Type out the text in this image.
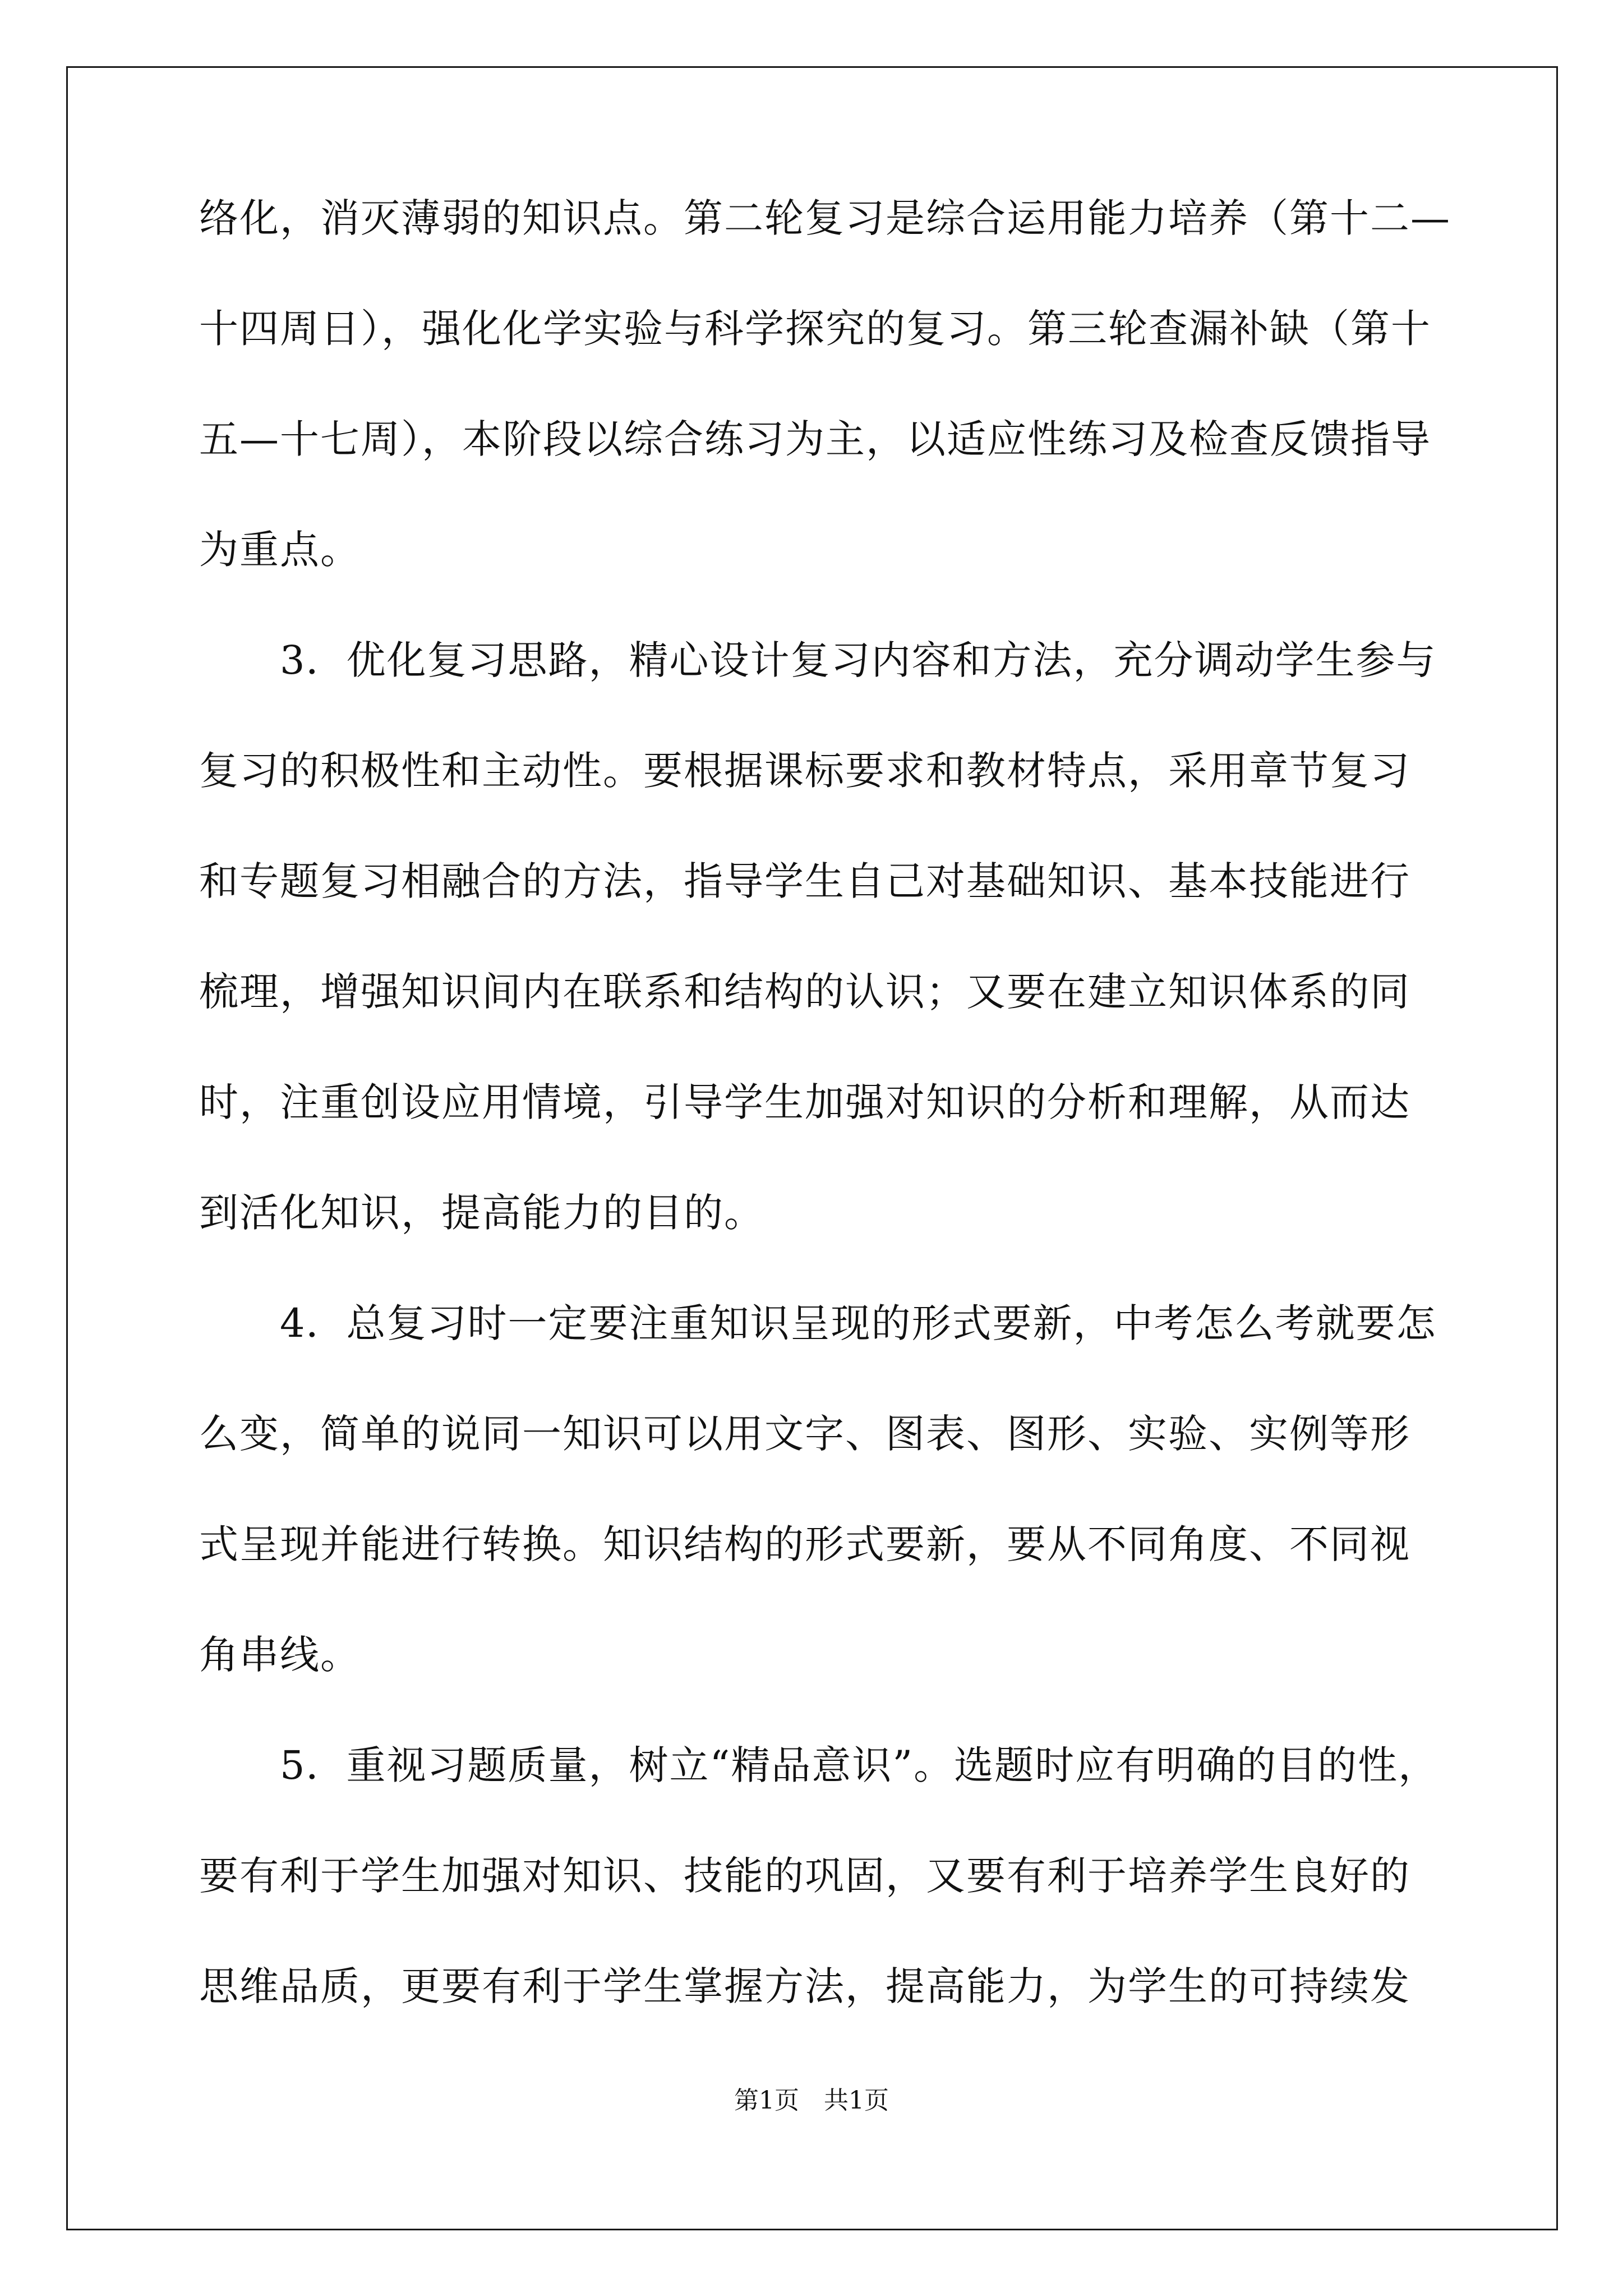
络化，消灭薄弱的知识点。第二轮复习是综合运用能力培养（第十二—
十四周日），强化化学实验与科学探究的复习。第三轮查漏补缺（第十
五—十七周），本阶段以综合练习为主，以适应性练习及检查反馈指导
为重点。
　　3．优化复习思路，精心设计复习内容和方法，充分调动学生参与
复习的积极性和主动性。要根据课标要求和教材特点，采用章节复习
和专题复习相融合的方法，指导学生自己对基础知识、基本技能进行
梳理，增强知识间内在联系和结构的认识；又要在建立知识体系的同
时，注重创设应用情境，引导学生加强对知识的分析和理解，从而达
到活化知识，提高能力的目的。
　　4．总复习时一定要注重知识呈现的形式要新，中考怎么考就要怎
么变，简单的说同一知识可以用文字、图表、图形、实验、实例等形
式呈现并能进行转换。知识结构的形式要新，要从不同角度、不同视
角串线。
　　5．重视习题质量，树立“精品意识”。选题时应有明确的目的性，
要有利于学生加强对知识、技能的巩固，又要有利于培养学生良好的
思维品质，更要有利于学生掌握方法，提高能力，为学生的可持续发
第1页　共1页
